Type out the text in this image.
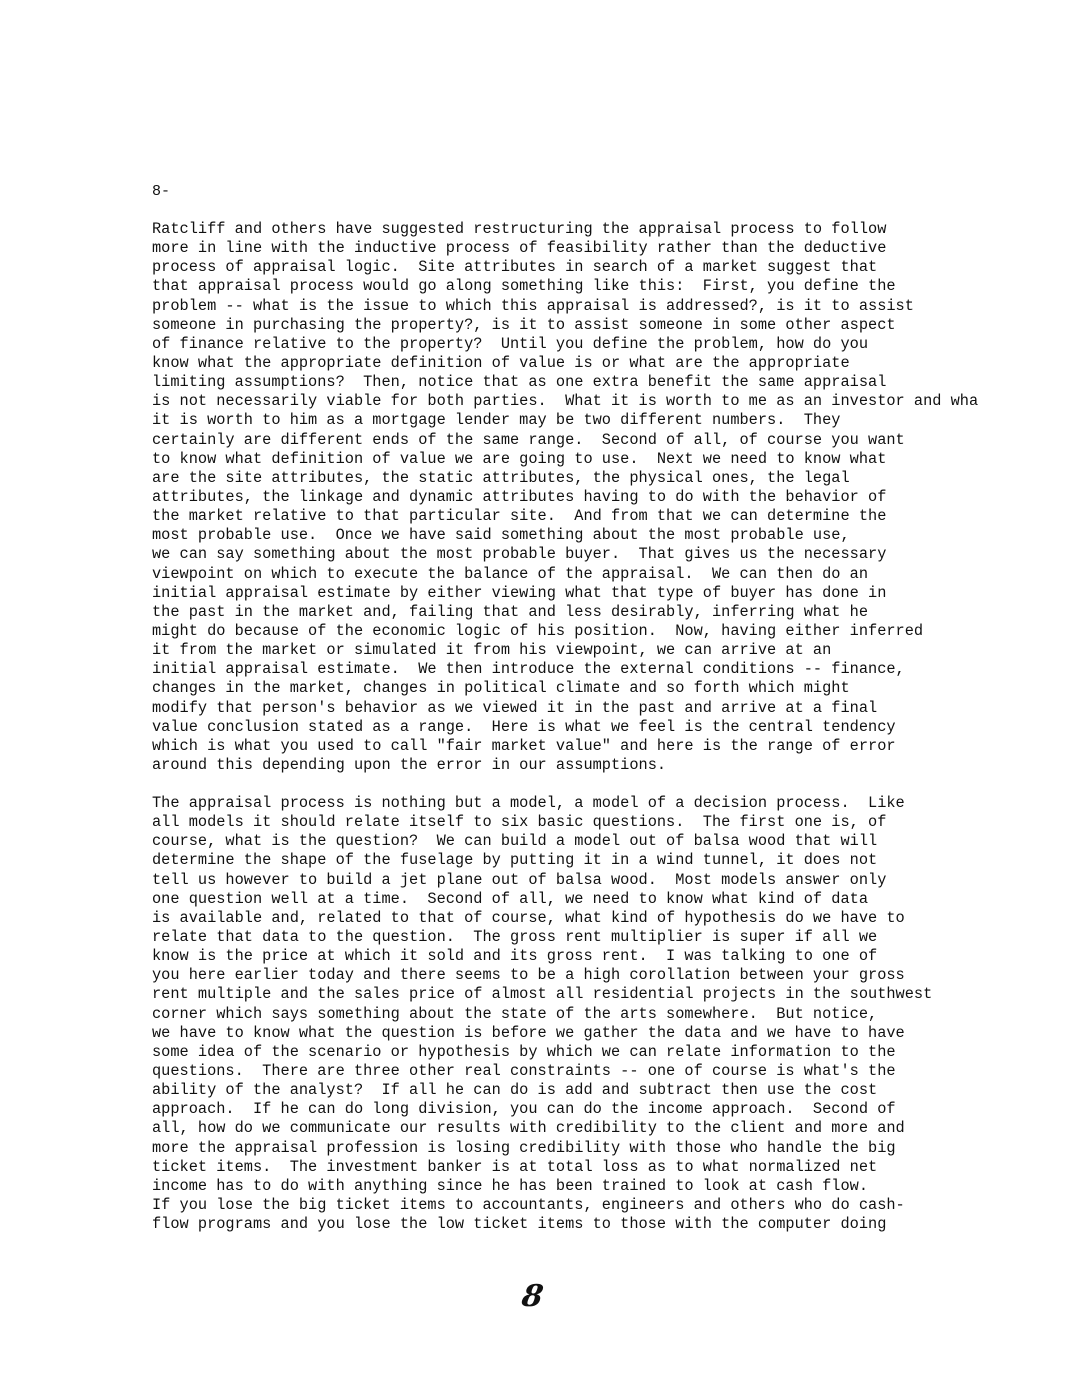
8-
Ratcliff and others have suggested restructuring the appraisal process to follow
more in line with the inductive process of feasibility rather than the deductive
process of appraisal logic.  Site attributes in search of a market suggest that
that appraisal process would go along something like this:  First, you define the
problem -- what is the issue to which this appraisal is addressed?, is it to assist
someone in purchasing the property?, is it to assist someone in some other aspect
of finance relative to the property?  Until you define the problem, how do you
know what the appropriate definition of value is or what are the appropriate
limiting assumptions?  Then, notice that as one extra benefit the same appraisal
is not necessarily viable for both parties.  What it is worth to me as an investor and wha
it is worth to him as a mortgage lender may be two different numbers.  They
certainly are different ends of the same range.  Second of all, of course you want
to know what definition of value we are going to use.  Next we need to know what
are the site attributes, the static attributes, the physical ones, the legal
attributes, the linkage and dynamic attributes having to do with the behavior of
the market relative to that particular site.  And from that we can determine the
most probable use.  Once we have said something about the most probable use,
we can say something about the most probable buyer.  That gives us the necessary
viewpoint on which to execute the balance of the appraisal.  We can then do an
initial appraisal estimate by either viewing what that type of buyer has done in
the past in the market and, failing that and less desirably, inferring what he
might do because of the economic logic of his position.  Now, having either inferred
it from the market or simulated it from his viewpoint, we can arrive at an
initial appraisal estimate.  We then introduce the external conditions -- finance,
changes in the market, changes in political climate and so forth which might
modify that person's behavior as we viewed it in the past and arrive at a final
value conclusion stated as a range.  Here is what we feel is the central tendency
which is what you used to call "fair market value" and here is the range of error
around this depending upon the error in our assumptions.
The appraisal process is nothing but a model, a model of a decision process.  Like
all models it should relate itself to six basic questions.  The first one is, of
course, what is the question?  We can build a model out of balsa wood that will
determine the shape of the fuselage by putting it in a wind tunnel, it does not
tell us however to build a jet plane out of balsa wood.  Most models answer only
one question well at a time.  Second of all, we need to know what kind of data
is available and, related to that of course, what kind of hypothesis do we have to
relate that data to the question.  The gross rent multiplier is super if all we
know is the price at which it sold and its gross rent.  I was talking to one of
you here earlier today and there seems to be a high corollation between your gross
rent multiple and the sales price of almost all residential projects in the southwest
corner which says something about the state of the arts somewhere.  But notice,
we have to know what the question is before we gather the data and we have to have
some idea of the scenario or hypothesis by which we can relate information to the
questions.  There are three other real constraints -- one of course is what's the
ability of the analyst?  If all he can do is add and subtract then use the cost
approach.  If he can do long division, you can do the income approach.  Second of
all, how do we communicate our results with credibility to the client and more and
more the appraisal profession is losing credibility with those who handle the big
ticket items.  The investment banker is at total loss as to what normalized net
income has to do with anything since he has been trained to look at cash flow.
If you lose the big ticket items to accountants, engineers and others who do cash-
flow programs and you lose the low ticket items to those with the computer doing
8
